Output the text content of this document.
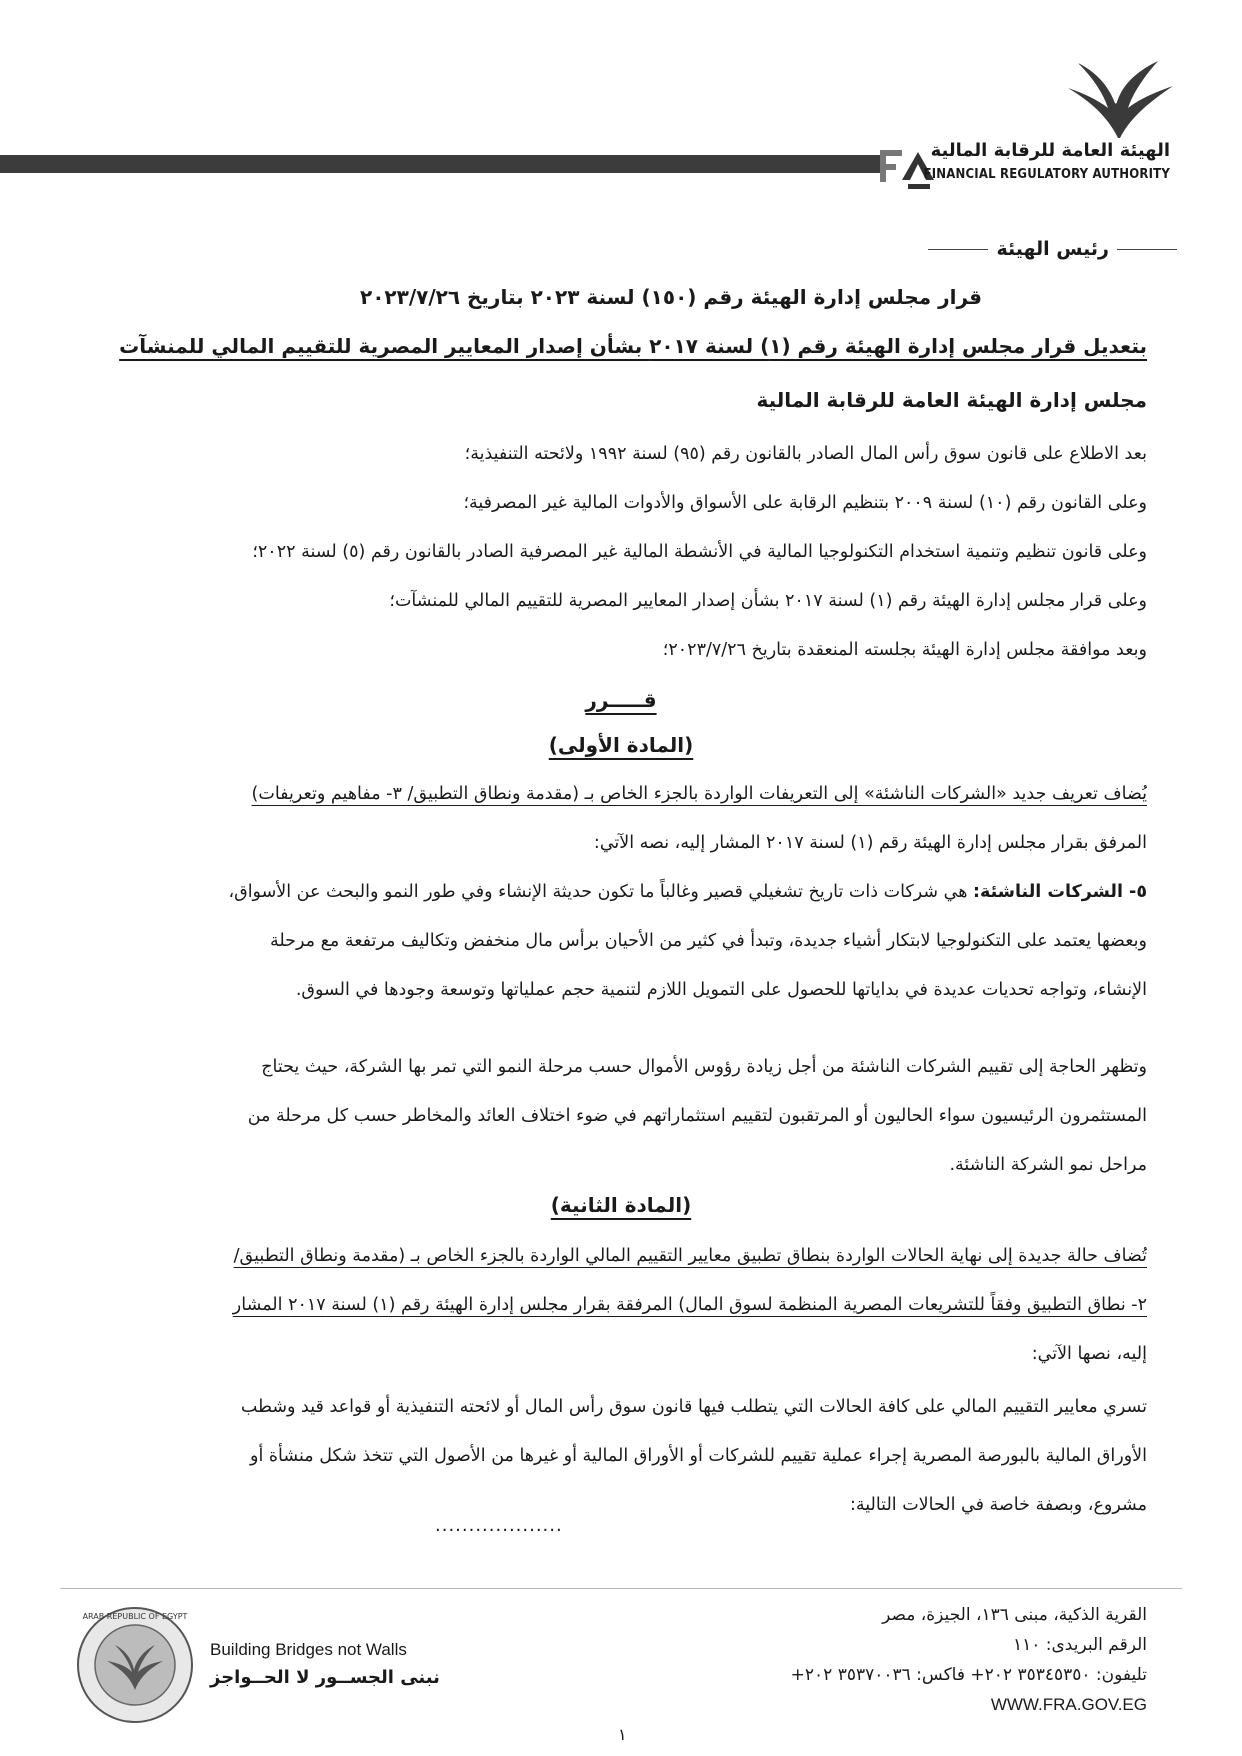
الهيئة العامة للرقابة المالية
FINANCIAL REGULATORY AUTHORITY
رئيس الهيئة
قرار مجلس إدارة الهيئة رقم (١٥٠) لسنة ٢٠٢٣ بتاريخ ٢٠٢٣/٧/٢٦
بتعديل قرار مجلس إدارة الهيئة رقم (١) لسنة ٢٠١٧ بشأن إصدار المعايير المصرية للتقييم المالي للمنشآت
مجلس إدارة الهيئة العامة للرقابة المالية
بعد الاطلاع على قانون سوق رأس المال الصادر بالقانون رقم (٩٥) لسنة ١٩٩٢ ولائحته التنفيذية؛
وعلى القانون رقم (١٠) لسنة ٢٠٠٩ بتنظيم الرقابة على الأسواق والأدوات المالية غير المصرفية؛
وعلى قانون تنظيم وتنمية استخدام التكنولوجيا المالية في الأنشطة المالية غير المصرفية الصادر بالقانون رقم (٥) لسنة ٢٠٢٢؛
وعلى قرار مجلس إدارة الهيئة رقم (١) لسنة ٢٠١٧ بشأن إصدار المعايير المصرية للتقييم المالي للمنشآت؛
وبعد موافقة مجلس إدارة الهيئة بجلسته المنعقدة بتاريخ ٢٠٢٣/٧/٢٦؛
قـــــرر
(المادة الأولى)
يُضاف تعريف جديد «الشركات الناشئة» إلى التعريفات الواردة بالجزء الخاص بـ (مقدمة ونطاق التطبيق/ ٣- مفاهيم وتعريفات)
المرفق بقرار مجلس إدارة الهيئة رقم (١) لسنة ٢٠١٧ المشار إليه، نصه الآتي:
٥- الشركات الناشئة: هي شركات ذات تاريخ تشغيلي قصير وغالباً ما تكون حديثة الإنشاء وفي طور النمو والبحث عن الأسواق،
وبعضها يعتمد على التكنولوجيا لابتكار أشياء جديدة، وتبدأ في كثير من الأحيان برأس مال منخفض وتكاليف مرتفعة مع مرحلة
الإنشاء، وتواجه تحديات عديدة في بداياتها للحصول على التمويل اللازم لتنمية حجم عملياتها وتوسعة وجودها في السوق.
وتظهر الحاجة إلى تقييم الشركات الناشئة من أجل زيادة رؤوس الأموال حسب مرحلة النمو التي تمر بها الشركة، حيث يحتاج
المستثمرون الرئيسيون سواء الحاليون أو المرتقبون لتقييم استثماراتهم في ضوء اختلاف العائد والمخاطر حسب كل مرحلة من
مراحل نمو الشركة الناشئة.
(المادة الثانية)
تُضاف حالة جديدة إلى نهاية الحالات الواردة بنطاق تطبيق معايير التقييم المالي الواردة بالجزء الخاص بـ (مقدمة ونطاق التطبيق/
٢- نطاق التطبيق وفقاً للتشريعات المصرية المنظمة لسوق المال) المرفقة بقرار مجلس إدارة الهيئة رقم (١) لسنة ٢٠١٧ المشار
إليه، نصها الآتي:
تسري معايير التقييم المالي على كافة الحالات التي يتطلب فيها قانون سوق رأس المال أو لائحته التنفيذية أو قواعد قيد وشطب
الأوراق المالية بالبورصة المصرية إجراء عملية تقييم للشركات أو الأوراق المالية أو غيرها من الأصول التي تتخذ شكل منشأة أو
مشروع، وبصفة خاصة في الحالات التالية:
...................
ARAB REPUBLIC OF EGYPT
Building Bridges not Walls
نبنى الجســور لا الحــواجز
القرية الذكية، مبنى ١٣٦، الجيزة، مصر
الرقم البريدى: ١١٠
تليفون: ٣٥٣٤٥٣٥٠ ٢٠٢+ فاكس: ٣٥٣٧٠٠٣٦ ٢٠٢+
WWW.FRA.GOV.EG
١
